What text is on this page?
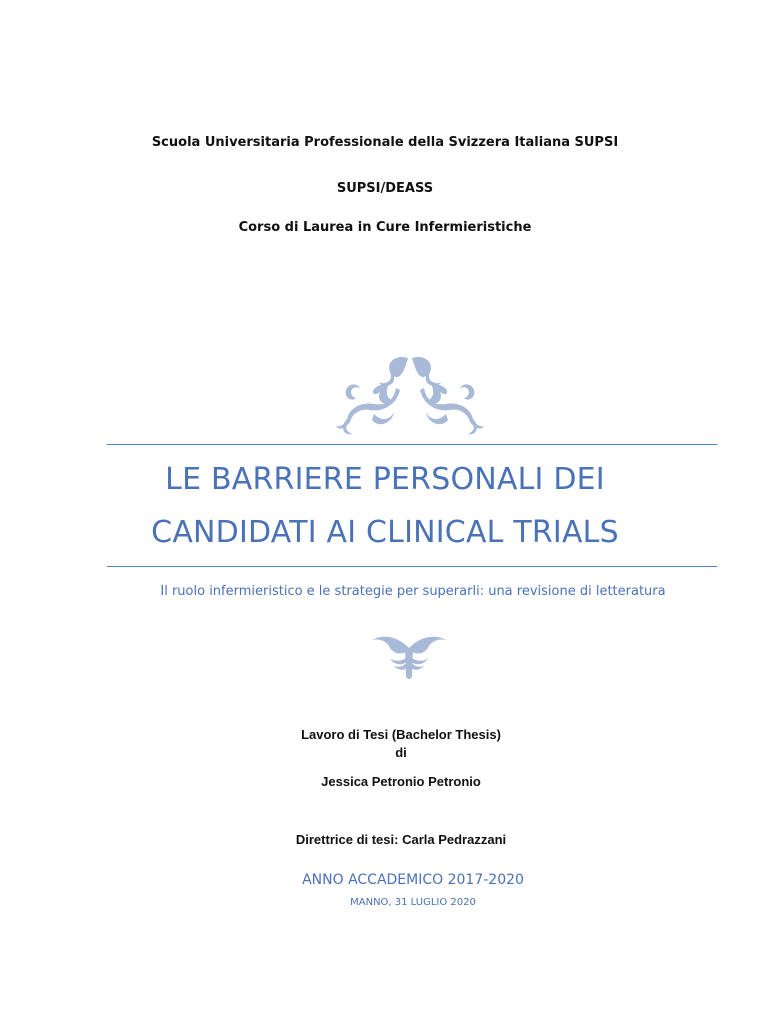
Scuola Universitaria Professionale della Svizzera Italiana SUPSI
SUPSI/DEASS
Corso di Laurea in Cure Infermieristiche
LE BARRIERE PERSONALI DEI
CANDIDATI AI CLINICAL TRIALS
Il ruolo infermieristico e le strategie per superarli: una revisione di letteratura
Lavoro di Tesi (Bachelor Thesis)
di
Jessica Petronio Petronio
Direttrice di tesi: Carla Pedrazzani
ANNO ACCADEMICO 2017-2020
MANNO, 31 LUGLIO 2020
